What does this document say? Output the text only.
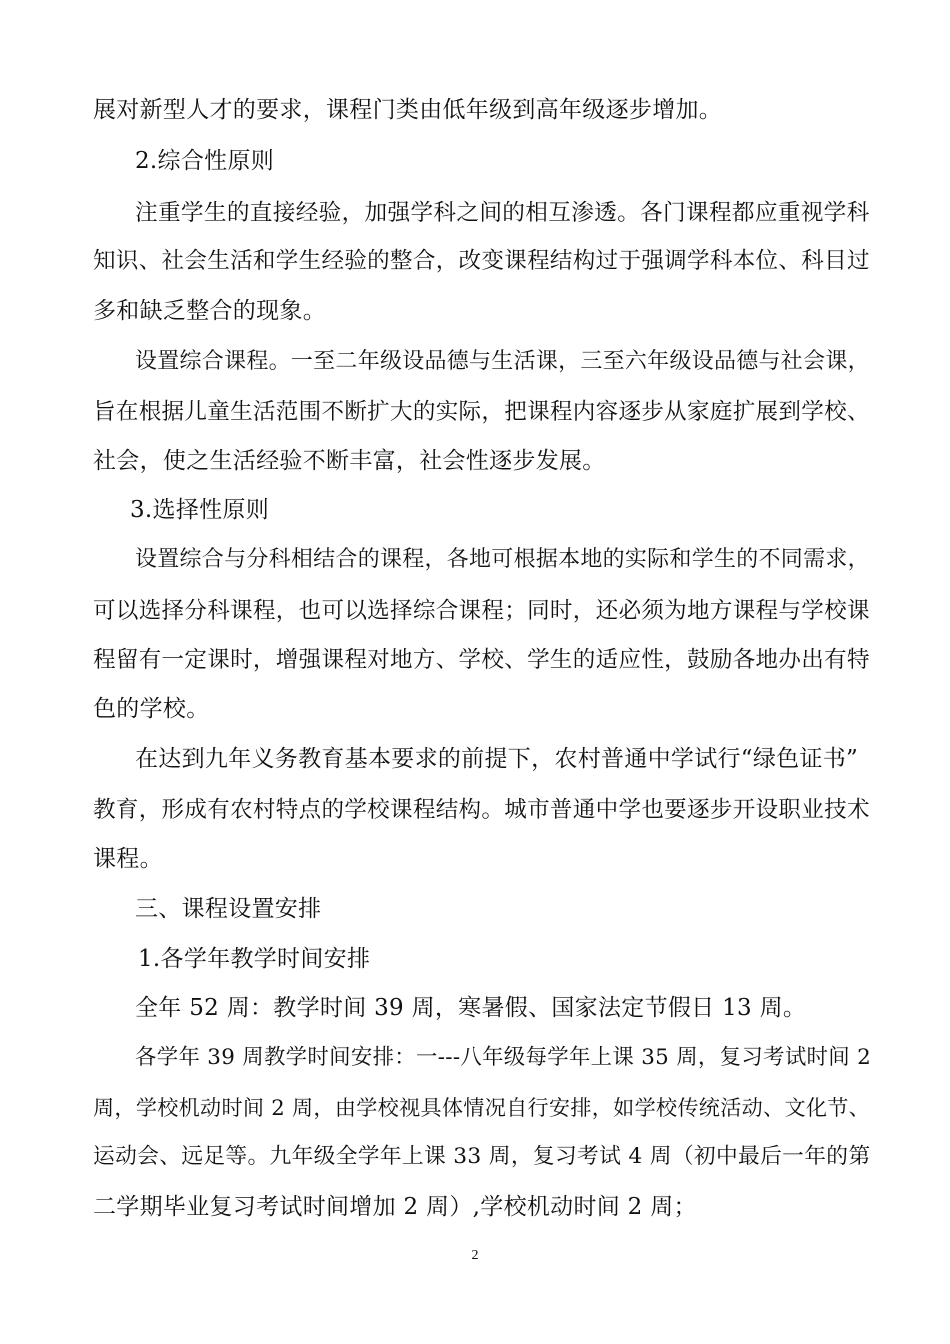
展对新型人才的要求，课程门类由低年级到高年级逐步增加。
2.综合性原则
注重学生的直接经验，加强学科之间的相互渗透。各门课程都应重视学科
知识、社会生活和学生经验的整合，改变课程结构过于强调学科本位、科目过
多和缺乏整合的现象。
设置综合课程。一至二年级设品德与生活课，三至六年级设品德与社会课，
旨在根据儿童生活范围不断扩大的实际，把课程内容逐步从家庭扩展到学校、
社会，使之生活经验不断丰富，社会性逐步发展。
3.选择性原则
设置综合与分科相结合的课程，各地可根据本地的实际和学生的不同需求，
可以选择分科课程，也可以选择综合课程；同时，还必须为地方课程与学校课
程留有一定课时，增强课程对地方、学校、学生的适应性，鼓励各地办出有特
色的学校。
在达到九年义务教育基本要求的前提下，农村普通中学试行“绿色证书”
教育，形成有农村特点的学校课程结构。城市普通中学也要逐步开设职业技术
课程。
三、课程设置安排
1.各学年教学时间安排
全年 52 周：教学时间 39 周，寒暑假、国家法定节假日 13 周。
各学年 39 周教学时间安排：一---八年级每学年上课 35 周，复习考试时间 2
周，学校机动时间 2 周，由学校视具体情况自行安排，如学校传统活动、文化节、
运动会、远足等。九年级全学年上课 33 周，复习考试 4 周（初中最后一年的第
二学期毕业复习考试时间增加 2 周）,学校机动时间 2 周；
2
